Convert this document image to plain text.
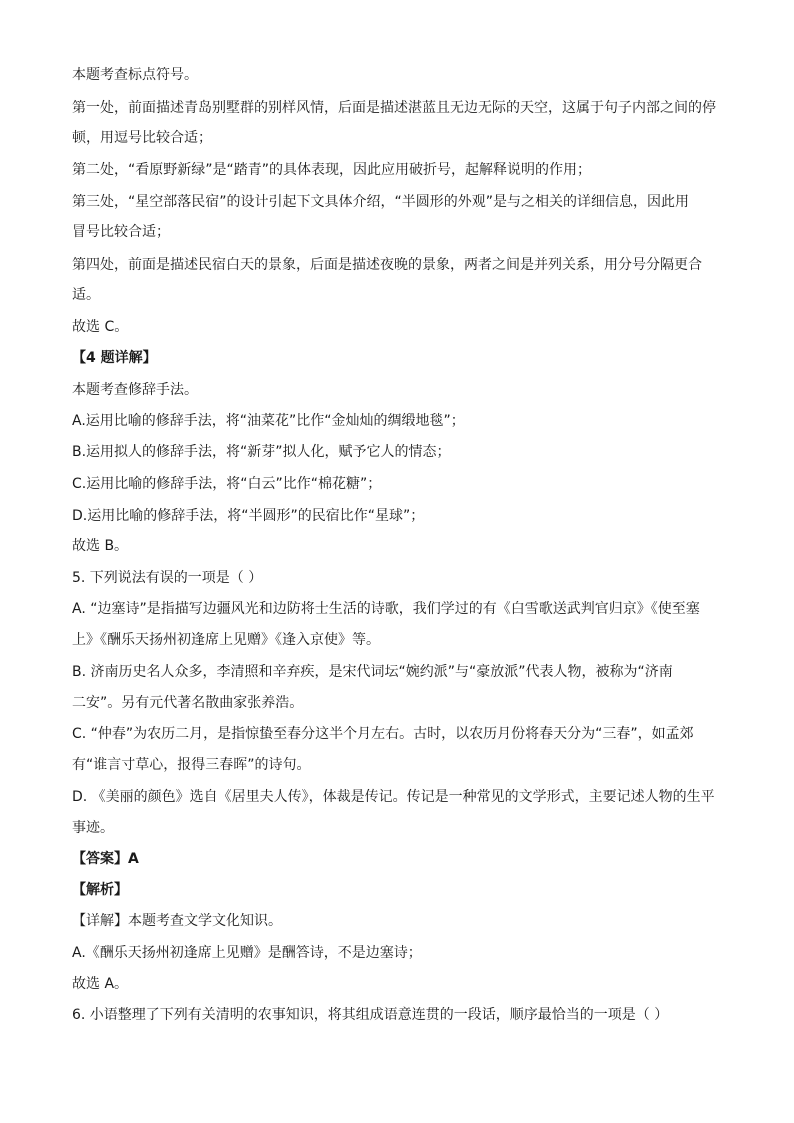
本题考查标点符号。
第一处，前面描述青岛别墅群的别样风情，后面是描述湛蓝且无边无际的天空，这属于句子内部之间的停
顿，用逗号比较合适；
第二处，“看原野新绿”是“踏青”的具体表现，因此应用破折号，起解释说明的作用；
第三处，“星空部落民宿”的设计引起下文具体介绍，“半圆形的外观”是与之相关的详细信息，因此用
冒号比较合适；
第四处，前面是描述民宿白天的景象，后面是描述夜晚的景象，两者之间是并列关系，用分号分隔更合
适。
故选 C。
【4 题详解】
本题考查修辞手法。
A.运用比喻的修辞手法，将“油菜花”比作“金灿灿的绸缎地毯”；
B.运用拟人的修辞手法，将“新芽”拟人化，赋予它人的情态；
C.运用比喻的修辞手法，将“白云”比作“棉花糖”；
D.运用比喻的修辞手法，将“半圆形”的民宿比作“星球”；
故选 B。
5. 下列说法有误的一项是（ ）
A. “边塞诗”是指描写边疆风光和边防将士生活的诗歌，我们学过的有《白雪歌送武判官归京》《使至塞
上》《酬乐天扬州初逢席上见赠》《逢入京使》等。
B. 济南历史名人众多，李清照和辛弃疾，是宋代词坛“婉约派”与“豪放派”代表人物，被称为“济南
二安”。另有元代著名散曲家张养浩。
C. “仲春”为农历二月，是指惊蛰至春分这半个月左右。古时，以农历月份将春天分为“三春”，如孟郊
有“谁言寸草心，报得三春晖”的诗句。
D. 《美丽的颜色》选自《居里夫人传》，体裁是传记。传记是一种常见的文学形式，主要记述人物的生平
事迹。
【答案】A
【解析】
【详解】本题考查文学文化知识。
A.《酬乐天扬州初逢席上见赠》是酬答诗，不是边塞诗；
故选 A。
6. 小语整理了下列有关清明的农事知识，将其组成语意连贯的一段话，顺序最恰当的一项是（ ）
